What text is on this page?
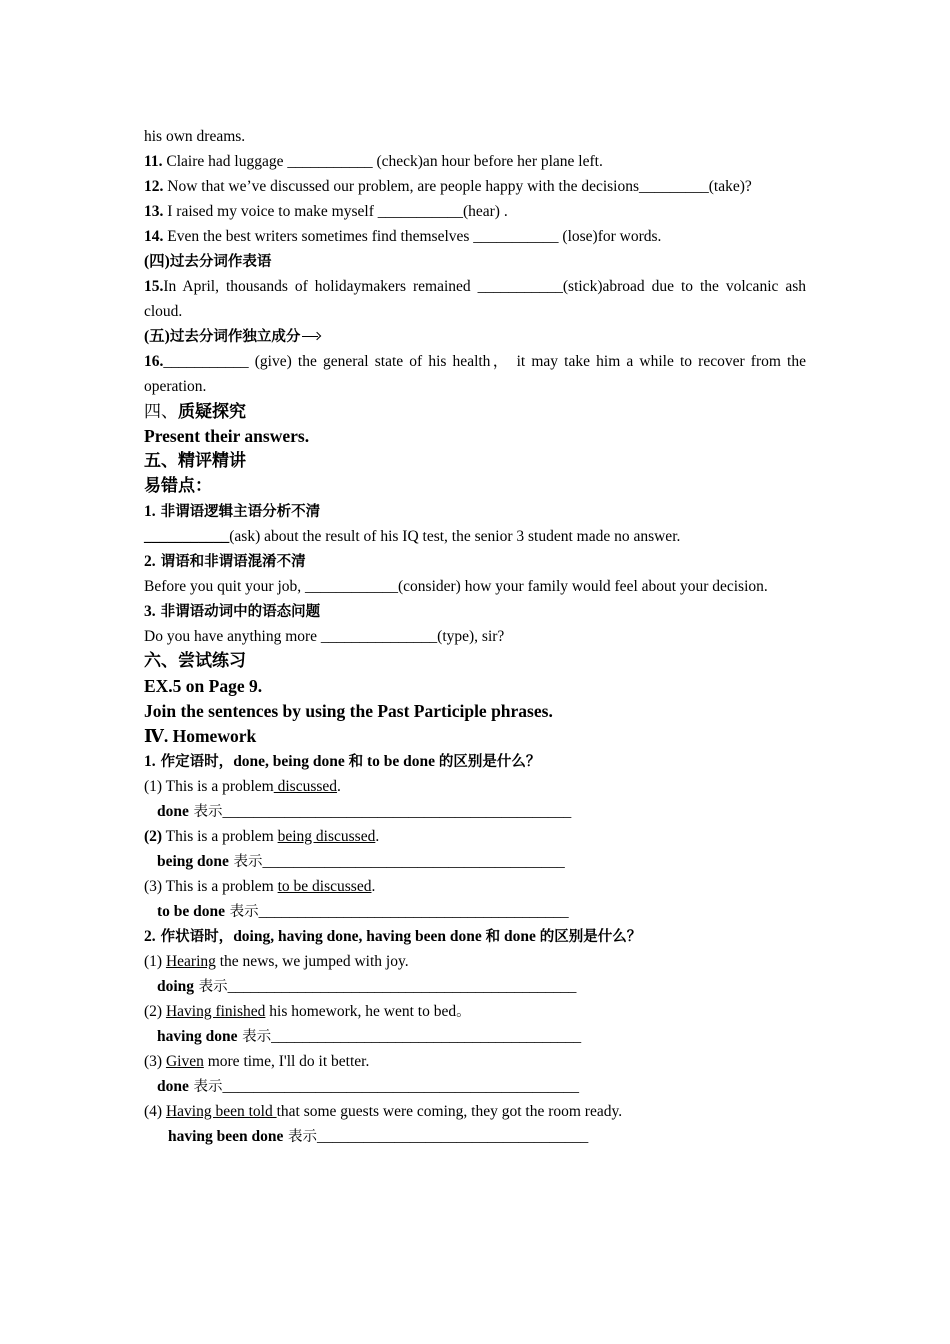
his own dreams.
11. Claire had luggage ___________ (check)an hour before her plane left.
12. Now that we’ve discussed our problem, are people happy with the decisions_________(take)?
13. I raised my voice to make myself ___________(hear) .
14. Even the best writers sometimes find themselves ___________ (lose)for words.
(四)过去分词作表语
15.In April, thousands of holidaymakers remained ___________(stick)abroad due to the volcanic ash cloud.
(五)过去分词作独立成分
16.___________ (give) the general state of his health， it may take him a while to recover from the operation.
四、质疑探究
Present their answers.
五、精评精讲
易错点：
1. 非谓语逻辑主语分析不清
___________(ask) about the result of his IQ test, the senior 3 student made no answer.
2. 谓语和非谓语混淆不清
Before you quit your job, ____________(consider) how your family would feel about your decision.
3. 非谓语动词中的语态问题
Do you have anything more _______________(type), sir?
六、尝试练习
EX.5 on Page 9.
Join the sentences by using the Past Participle phrases.
Ⅳ. Homework
1. 作定语时，done, being done 和 to be done 的区别是什么？
(1) This is a problem discussed.
done 表示_____________________________________________
(2) This is a problem being discussed.
being done 表示_______________________________________
(3) This is a problem to be discussed.
to be done 表示________________________________________
2. 作状语时，doing, having done, having been done 和 done 的区别是什么？
(1) Hearing the news, we jumped with joy.
doing 表示_____________________________________________
(2) Having finished his homework, he went to bed。
having done 表示________________________________________
(3) Given more time, I'll do it better.
done 表示______________________________________________
(4) Having been told that some guests were coming, they got the room ready.
having been done 表示___________________________________
